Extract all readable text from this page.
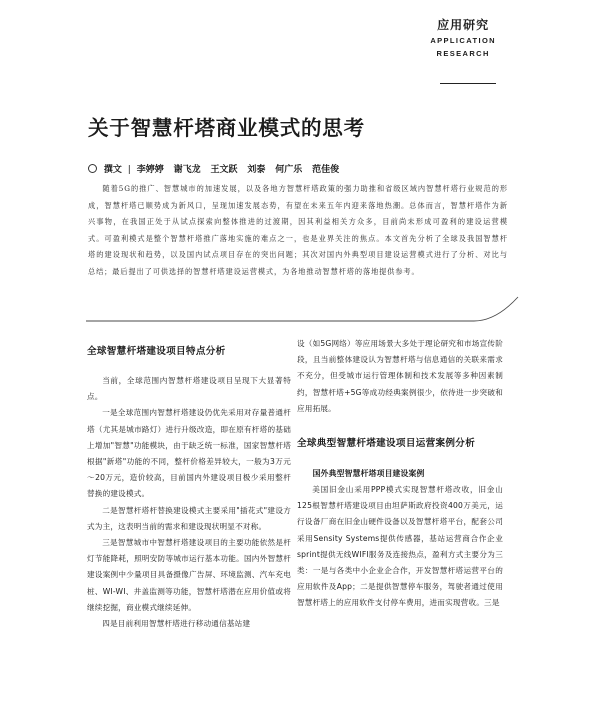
应用研究
APPLICATION
RESEARCH
关于智慧杆塔商业模式的思考
撰文 | 李婷婷 谢飞龙 王文跃 刘泰 何广乐 范佳俊

随着5G的推广、智慧城市的加速发展，以及各地方智慧杆塔政策的强力助推和省级区域内智慧杆塔行业规范的形成，智慧杆塔已顺势成为新风口，呈现加速发展态势，有望在未来五年内迎来落地热潮。总体而言，智慧杆塔作为新兴事物，在我国正处于从试点探索向整体推进的过渡期，因其利益相关方众多，目前尚未形成可盈利的建设运营模式。可盈利模式是整个智慧杆塔推广落地实施的难点之一，也是业界关注的焦点。本文首先分析了全球及我国智慧杆塔的建设现状和趋势，以及国内试点项目存在的突出问题；其次对国内外典型项目建设运营模式进行了分析、对比与总结；最后提出了可供选择的智慧杆塔建设运营模式，为各地推动智慧杆塔的落地提供参考。

全球智慧杆塔建设项目特点分析

当前，全球范围内智慧杆塔建设项目呈现下大显著特点。

一是全球范围内智慧杆塔建设仍优先采用对存量普通杆塔（尤其是城市路灯）进行升级改造，即在原有杆塔的基础上增加"智慧"功能模块，由于缺乏统一标准，国家智慧杆塔根据"新塔"功能的不同，整杆价格差异较大，一般为3万元～20万元，造价较高，目前国内外建设项目极少采用整杆替换的建设模式。

二是智慧杆塔杆替换建设模式主要采用"插花式"建设方式为主，这表明当前的需求和建设现状明显不对称。

三是智慧城市中智慧杆塔建设项目的主要功能依然是杆灯节能降耗，照明安防等城市运行基本功能。国内外智慧杆建设案例中少量项目具备摄像广告屏、环境监测、汽车充电桩、WI-WI、井盖监测等功能，智慧杆塔潜在应用价值或将继续挖掘，商业模式继续延伸。

四是目前利用智慧杆塔进行移动通信基站建

设（如5G网络）等应用场景大多处于理论研究和市场宣传阶段，且当前整体建设认为智慧杆塔与信息通信的关联来需求不充分，但受城市运行管理体制和技术发展等多种因素制约，智慧杆塔+5G等成功经典案例很少，依待进一步突破和应用拓展。

全球典型智慧杆塔建设项目运营案例分析
国外典型智慧杆塔项目建设案例

美国旧金山采用PPP模式实现智慧杆塔改收，旧金山125根智慧杆塔建设项目由坦萨斯政府投资400万美元，运行设备厂商在旧金山硬件设备以及智慧杆塔平台，配套公司采用Sensity Systems提供传感器，基站运营商合作企业sprint提供无线WIFI服务及连接热点，盈利方式主要分为三类：一是与各类中小企业企合作，开发智慧杆塔运营平台的应用软件及App；二是提供智慧停车服务，驾驶者通过使用智慧杆塔上的应用软件支付停车费用，进而实现营收。三是
